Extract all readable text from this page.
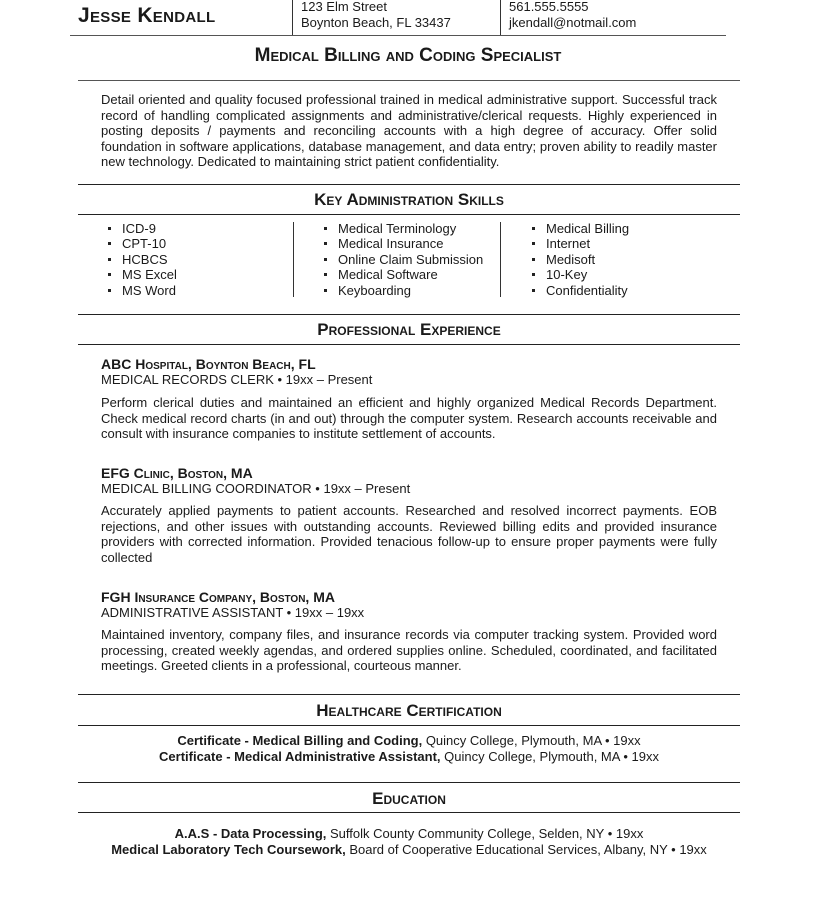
Jesse Kendall	123 Elm Street
Boynton Beach, FL 33437
561.555.5555
jkendall@notmail.com
Medical Billing and Coding Specialist
Detail oriented and quality focused professional trained in medical administrative support. Successful track record of handling complicated assignments and administrative/clerical requests. Highly experienced in posting deposits / payments and reconciling accounts with a high degree of accuracy. Offer solid foundation in software applications, database management, and data entry; proven ability to readily master new technology. Dedicated to maintaining strict patient confidentiality.
Key Administration Skills
ICD-9
CPT-10
HCBCS
MS Excel
MS Word
Medical Terminology
Medical Insurance
Online Claim Submission
Medical Software
Keyboarding
Medical Billing
Internet
Medisoft
10-Key
Confidentiality
Professional Experience
ABC Hospital, Boynton Beach, FL
MEDICAL RECORDS CLERK • 19xx – Present
Perform clerical duties and maintained an efficient and highly organized Medical Records Department. Check medical record charts (in and out) through the computer system. Research accounts receivable and consult with insurance companies to institute settlement of accounts.
EFG Clinic, Boston, MA
MEDICAL BILLING COORDINATOR • 19xx – Present
Accurately applied payments to patient accounts. Researched and resolved incorrect payments. EOB rejections, and other issues with outstanding accounts. Reviewed billing edits and provided insurance providers with corrected information. Provided tenacious follow-up to ensure proper payments were fully collected
FGH Insurance Company, Boston, MA
ADMINISTRATIVE ASSISTANT • 19xx – 19xx
Maintained inventory, company files, and insurance records via computer tracking system. Provided word processing, created weekly agendas, and ordered supplies online. Scheduled, coordinated, and facilitated meetings. Greeted clients in a professional, courteous manner.
Healthcare Certification
Certificate - Medical Billing and Coding, Quincy College, Plymouth, MA • 19xx
Certificate - Medical Administrative Assistant, Quincy College, Plymouth, MA • 19xx
Education
A.A.S - Data Processing, Suffolk County Community College, Selden, NY • 19xx
Medical Laboratory Tech Coursework, Board of Cooperative Educational Services, Albany, NY • 19xx
